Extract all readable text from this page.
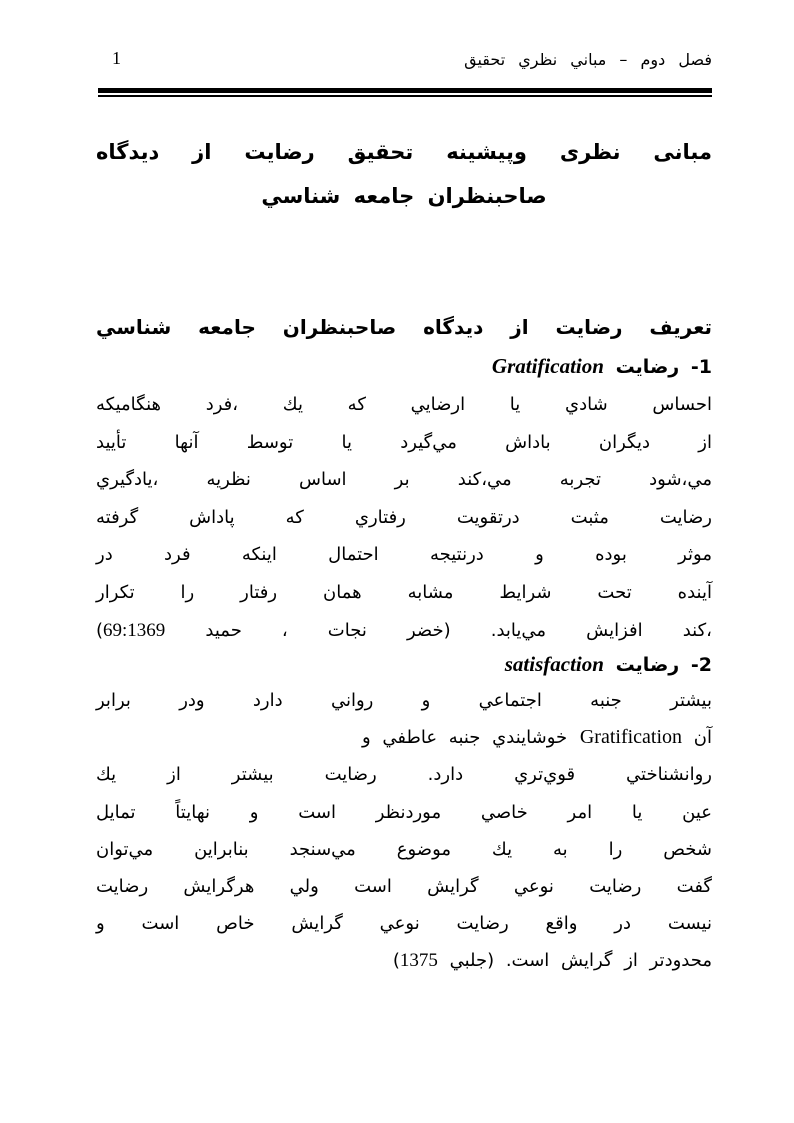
1	فصل دوم – مباني نظري تحقيق
مبانی نظری وپیشینه تحقیق رضایت از دیدگاه
صاحبنظران جامعه شناسي
تعریف رضایت از دیدگاه صاحبنظران جامعه شناسي
1- رضايت Gratification
احساس شادي يا ارضايي كه يك ،فرد هنگاميكه
از ديگران باداش مي‌گيرد يا توسط آنها تأييد
مي،شود تجربه مي،كند بر اساس نظريه ،يادگيري
رضايت مثبت درتقويت رفتاري كه پاداش گرفته
موثر بوده و درنتيجه احتمال اينكه فرد در
آينده تحت شرايط مشابه همان رفتار را تكرار
،كند افزايش مي‌يابد. (خضر نجات ، حميد 69:1369)
2- رضايت satisfaction
بيشتر جنبه اجتماعي و رواني دارد ودر برابر
آن Gratification خوشايندي جنبه عاطفي و
روانشناختي قوي‌تري دارد. رضايت بيشتر از يك
عين يا امر خاصي موردنظر است و نهايتاً تمايل
شخص را به يك موضوع مي‌سنجد بنابراين مي‌توان
گفت رضايت نوعي گرايش است ولي هرگرايش رضايت
نيست در واقع رضايت نوعي گرايش خاص است و
محدودتر از گرايش است. (جلبي 1375)
